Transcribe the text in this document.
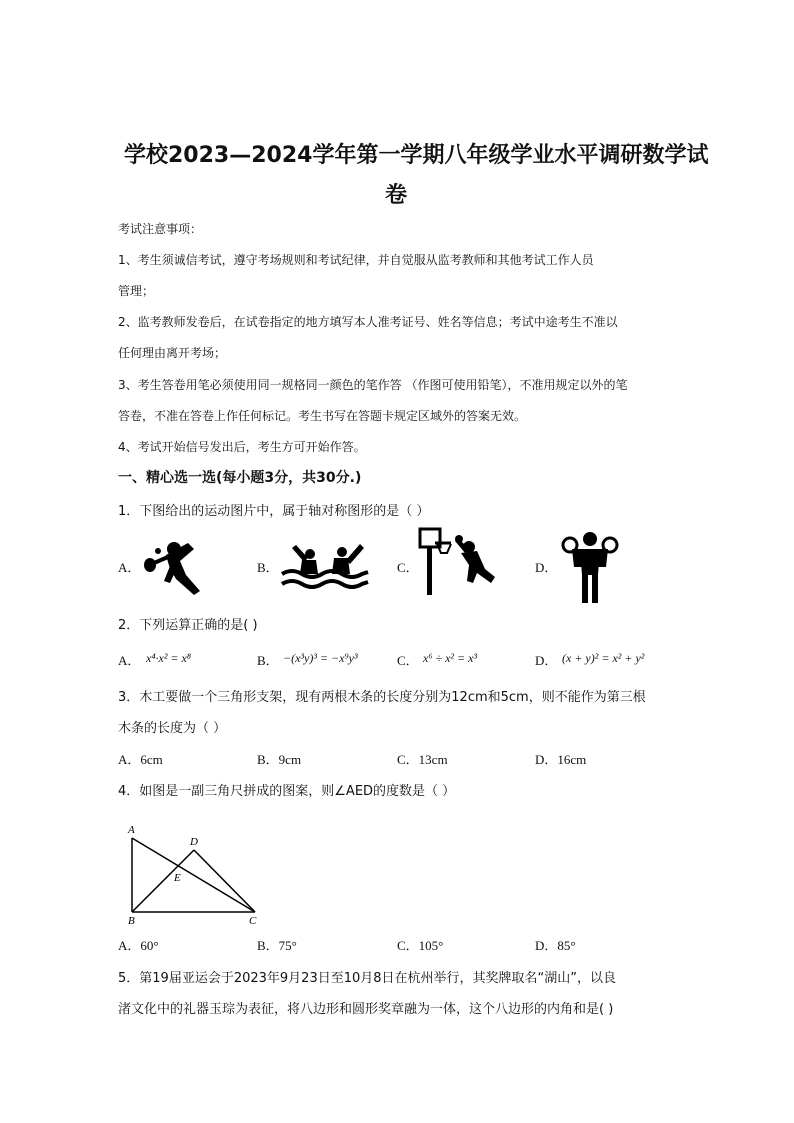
学校2023—2024学年第一学期八年级学业水平调研数学试
卷
考试注意事项：
1、考生须诚信考试，遵守考场规则和考试纪律，并自觉服从监考教师和其他考试工作人员
管理；
2、监考教师发卷后，在试卷指定的地方填写本人准考证号、姓名等信息；考试中途考生不准以
任何理由离开考场；
3、考生答卷用笔必须使用同一规格同一颜色的笔作答 （作图可使用铅笔），不准用规定以外的笔
答卷，不准在答卷上作任何标记。考生书写在答题卡规定区域外的答案无效。
4、考试开始信号发出后，考生方可开始作答。
一、精心选一选(每小题3分，共30分.)
1．下图给出的运动图片中，属于轴对称图形的是（ ）
A．	B．	C．	D．
2．下列运算正确的是( )
A． x⁴·x² = x⁸	B． −(x³y)³ = −x⁹y³	C． x⁶ ÷ x² = x³	D． (x + y)² = x² + y²
3．木工要做一个三角形支架，现有两根木条的长度分别为12cm和5cm，则不能作为第三根
木条的长度为（ ）
A．6cm	B．9cm	C．13cm	D．16cm
4．如图是一副三角尺拼成的图案，则∠AED的度数是（ ）
A
D
E
B	C
A．60°	B．75°	C．105°	D．85°
5．第19届亚运会于2023年9月23日至10月8日在杭州举行，其奖牌取名“湖山”，以良
渚文化中的礼器玉琮为表征，将八边形和圆形奖章融为一体，这个八边形的内角和是( )
